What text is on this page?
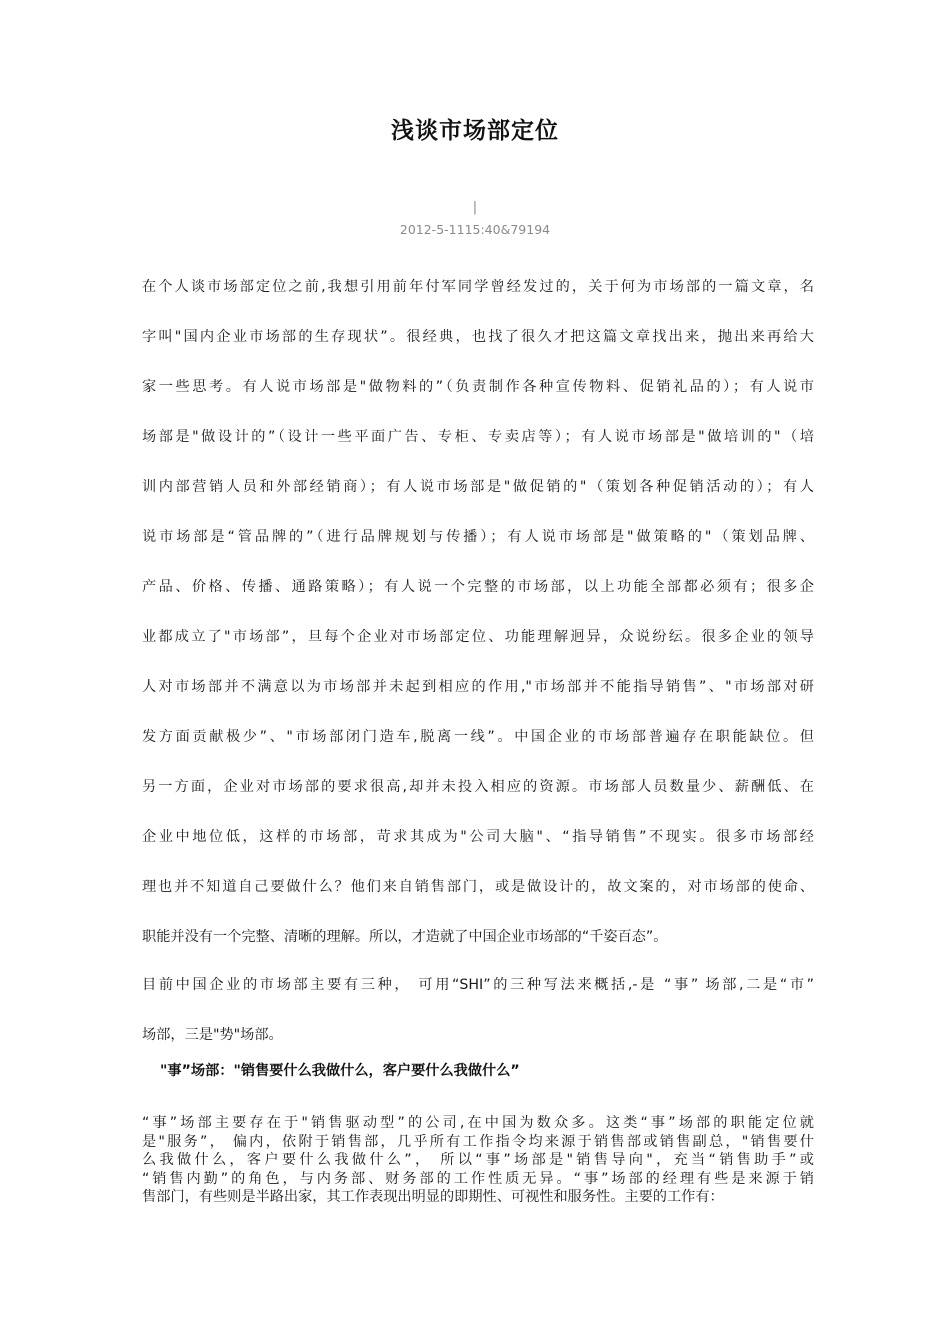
浅谈市场部定位
|
2012-5-1115:40&79194
在个人谈市场部定位之前,我想引用前年付军同学曾经发过的，关于何为市场部的一篇文章，名
字叫"国内企业市场部的生存现状”。很经典，也找了很久才把这篇文章找出来，抛出来再给大
家一些思考。有人说市场部是"做物料的”（负责制作各种宣传物料、促销礼品的）；有人说市
场部是"做设计的”（设计一些平面广告、专柜、专卖店等）；有人说市场部是"做培训的"（培
训内部营销人员和外部经销商）；有人说市场部是"做促销的"（策划各种促销活动的）；有人
说市场部是“管品牌的”（进行品牌规划与传播）；有人说市场部是"做策略的"（策划品牌、
产品、价格、传播、通路策略）；有人说一个完整的市场部，以上功能全部都必须有；很多企
业都成立了"市场部”，旦每个企业对市场部定位、功能理解迥异，众说纷纭。很多企业的领导
人对市场部并不满意以为市场部并未起到相应的作用,"市场部并不能指导销售”、"市场部对研
发方面贡献极少”、"市场部闭门造车,脱离一线”。中国企业的市场部普遍存在职能缺位。但
另一方面，企业对市场部的要求很高,却并未投入相应的资源。市场部人员数量少、薪酬低、在
企业中地位低，这样的市场部，苛求其成为"公司大脑"、“指导销售”不现实。很多市场部经
理也并不知道自己要做什么？他们来自销售部门，或是做设计的，故文案的，对市场部的使命、
职能并没有一个完整、清晰的理解。所以，才造就了中国企业市场部的“千姿百态”。
目前中国企业的市场部主要有三种， 可用“SHI”的三种写法来概括,-是 “事” 场部,二是“市”
场部，三是"势"场部。
"事”场部："销售要什么我做什么，客户要什么我做什么”
“事”场部主要存在于"销售驱动型”的公司,在中国为数众多。这类“事”场部的职能定位就
是"服务”， 偏内，依附于销售部，几乎所有工作指令均来源于销售部或销售副总，"销售要什
么我做什么，客户要什么我做什么”， 所以“事”场部是"销售导向"，充当“销售助手”或
“销售内勤”的角色，与内务部、财务部的工作性质无异。“事”场部的经理有些是来源于销
售部门，有些则是半路出家，其工作表现出明显的即期性、可视性和服务性。主要的工作有：
